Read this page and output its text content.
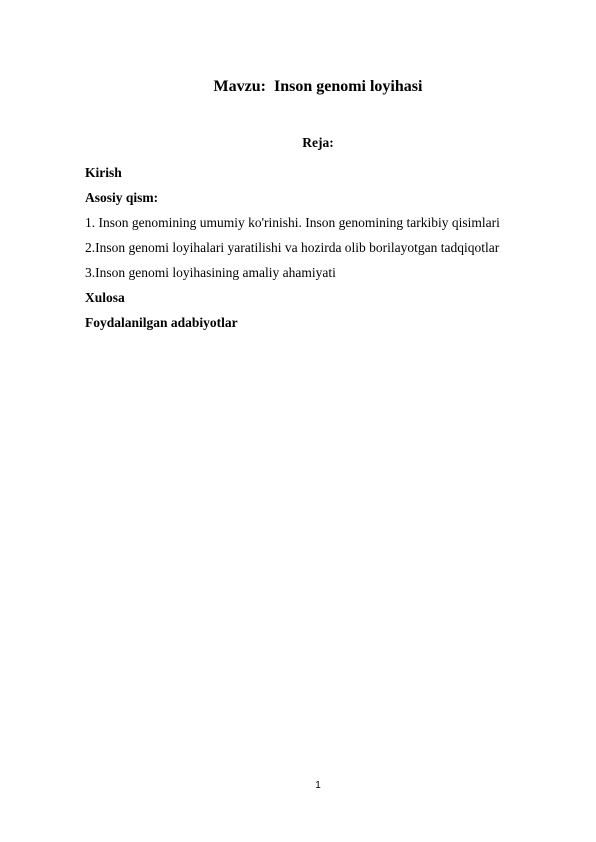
Mavzu:  Inson genomi loyihasi
Reja:
Kirish
Asosiy qism:
1. Inson genomining umumiy ko'rinishi. Inson genomining tarkibiy qisimlari
2.Inson genomi loyihalari yaratilishi va hozirda olib borilayotgan tadqiqotlar
3.Inson genomi loyihasining amaliy ahamiyati
Xulosa
Foydalanilgan adabiyotlar
1
